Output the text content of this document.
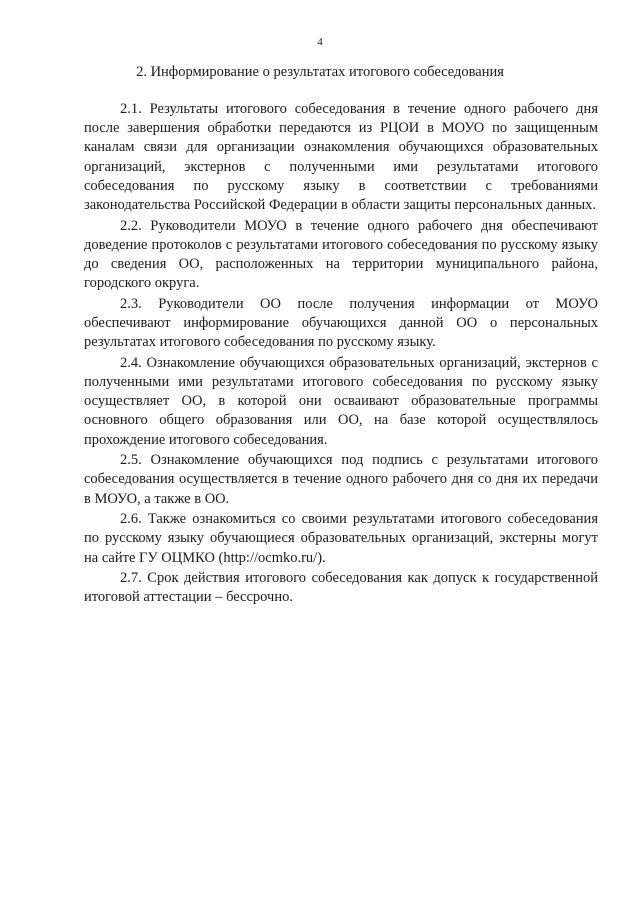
4
2. Информирование о результатах итогового собеседования

2.1. Результаты итогового собеседования в течение одного рабочего дня после завершения обработки передаются из РЦОИ в МОУО по защищенным каналам связи для организации ознакомления обучающихся образовательных организаций, экстернов с полученными ими результатами итогового собеседования по русскому языку в соответствии с требованиями законодательства Российской Федерации в области защиты персональных данных.

2.2. Руководители МОУО в течение одного рабочего дня обеспечивают доведение протоколов с результатами итогового собеседования по русскому языку до сведения ОО, расположенных на территории муниципального района, городского округа.

2.3. Руководители ОО после получения информации от МОУО обеспечивают информирование обучающихся данной ОО о персональных результатах итогового собеседования по русскому языку.

2.4. Ознакомление обучающихся образовательных организаций, экстернов с полученными ими результатами итогового собеседования по русскому языку осуществляет ОО, в которой они осваивают образовательные программы основного общего образования или ОО, на базе которой осуществлялось прохождение итогового собеседования.

2.5. Ознакомление обучающихся под подпись с результатами итогового собеседования осуществляется в течение одного рабочего дня со дня их передачи в МОУО, а также в ОО.

2.6. Также ознакомиться со своими результатами итогового собеседования по русскому языку обучающиеся образовательных организаций, экстерны могут на сайте ГУ ОЦМКО (http://ocmko.ru/).

2.7. Срок действия итогового собеседования как допуск к государственной итоговой аттестации – бессрочно.
